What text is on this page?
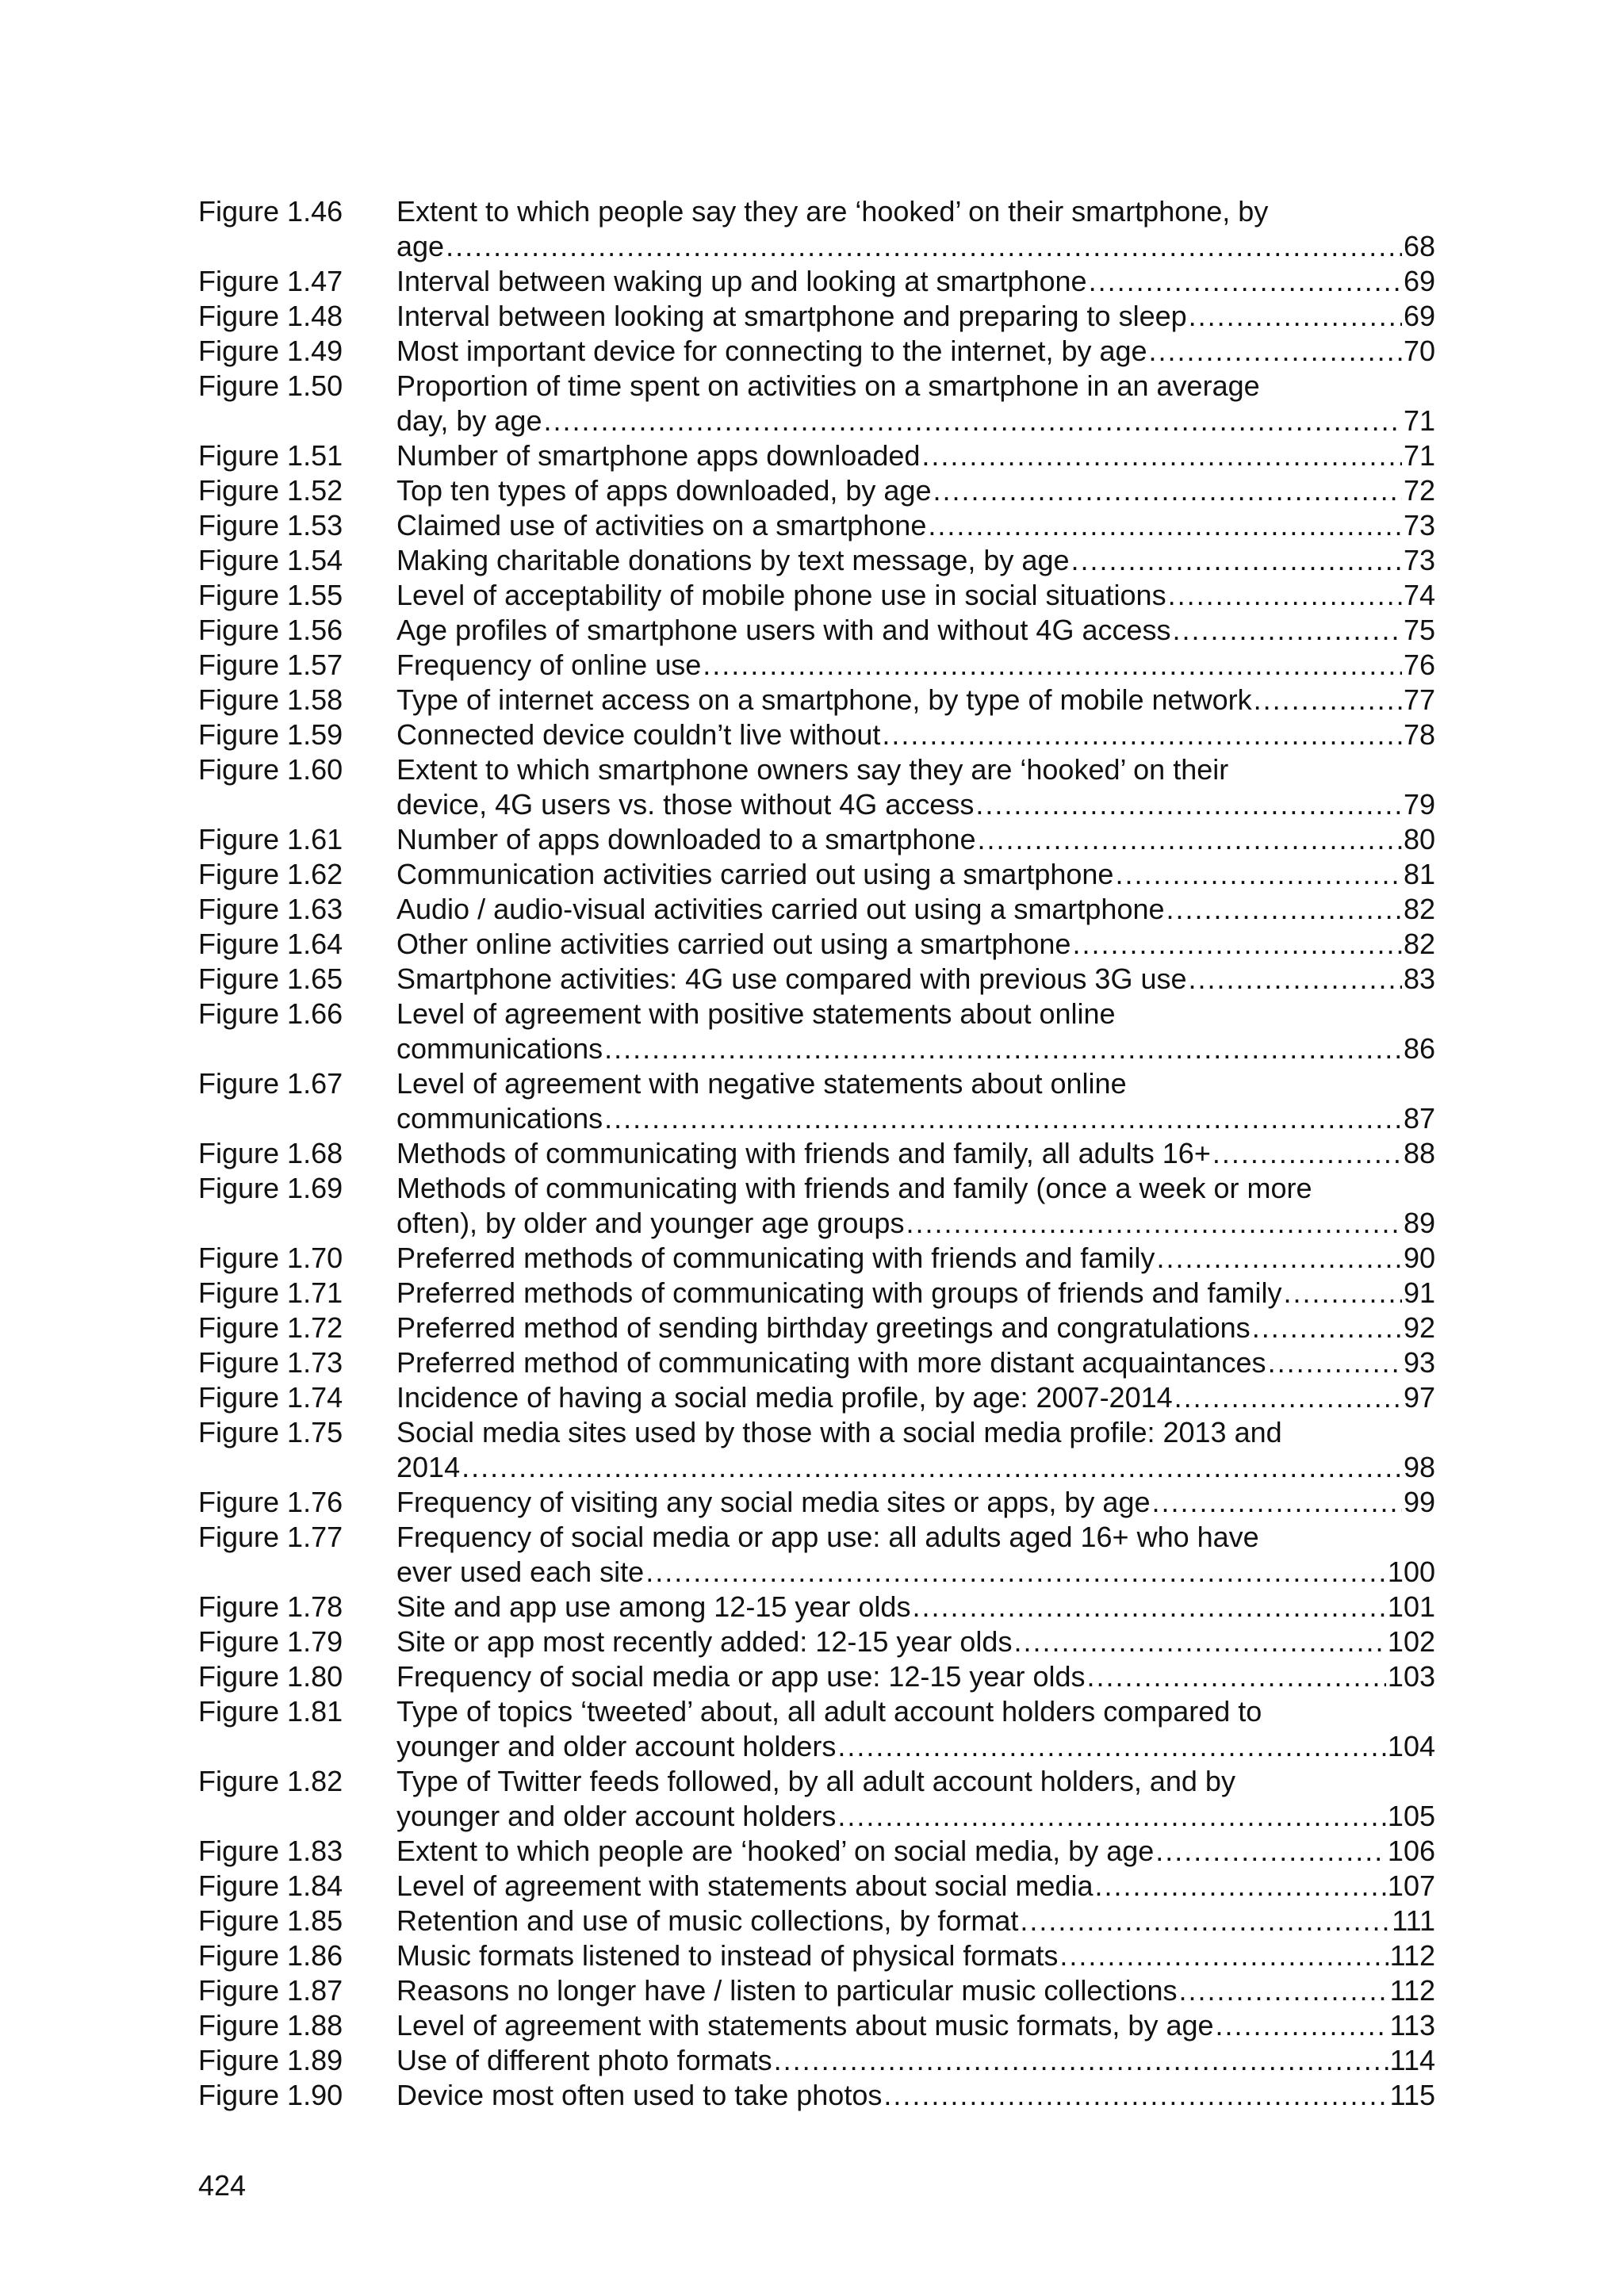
Figure 1.46	Extent to which people say they are ‘hooked’ on their smartphone, by
age .....	68
Figure 1.47	Interval between waking up and looking at smartphone .....	69
Figure 1.48	Interval between looking at smartphone and preparing to sleep .....	69
Figure 1.49	Most important device for connecting to the internet, by age .....	70
Figure 1.50	Proportion of time spent on activities on a smartphone in an average
day, by age .....	71
Figure 1.51	Number of smartphone apps downloaded .....	71
Figure 1.52	Top ten types of apps downloaded, by age .....	72
Figure 1.53	Claimed use of activities on a smartphone .....	73
Figure 1.54	Making charitable donations by text message, by age .....	73
Figure 1.55	Level of acceptability of mobile phone use in social situations .....	74
Figure 1.56	Age profiles of smartphone users with and without 4G access .....	75
Figure 1.57	Frequency of online use .....	76
Figure 1.58	Type of internet access on a smartphone, by type of mobile network .....	77
Figure 1.59	Connected device couldn’t live without .....	78
Figure 1.60	Extent to which smartphone owners say they are ‘hooked’ on their
device, 4G users vs. those without 4G access .....	79
Figure 1.61	Number of apps downloaded to a smartphone .....	80
Figure 1.62	Communication activities carried out using a smartphone .....	81
Figure 1.63	Audio / audio-visual activities carried out using a smartphone .....	82
Figure 1.64	Other online activities carried out using a smartphone .....	82
Figure 1.65	Smartphone activities: 4G use compared with previous 3G use .....	83
Figure 1.66	Level of agreement with positive statements about online
communications .....	86
Figure 1.67	Level of agreement with negative statements about online
communications .....	87
Figure 1.68	Methods of communicating with friends and family, all adults 16+ .....	88
Figure 1.69	Methods of communicating with friends and family (once a week or more
often), by older and younger age groups .....	89
Figure 1.70	Preferred methods of communicating with friends and family .....	90
Figure 1.71	Preferred methods of communicating with groups of friends and family .....	91
Figure 1.72	Preferred method of sending birthday greetings and congratulations .....	92
Figure 1.73	Preferred method of communicating with more distant acquaintances .....	93
Figure 1.74	Incidence of having a social media profile, by age: 2007-2014 .....	97
Figure 1.75	Social media sites used by those with a social media profile: 2013 and
2014 .....	98
Figure 1.76	Frequency of visiting any social media sites or apps, by age .....	99
Figure 1.77	Frequency of social media or app use: all adults aged 16+ who have
ever used each site .....	100
Figure 1.78	Site and app use among 12-15 year olds .....	101
Figure 1.79	Site or app most recently added: 12-15 year olds .....	102
Figure 1.80	Frequency of social media or app use: 12-15 year olds .....	103
Figure 1.81	Type of topics ‘tweeted’ about, all adult account holders compared to
younger and older account holders .....	104
Figure 1.82	Type of Twitter feeds followed, by all adult account holders, and by
younger and older account holders .....	105
Figure 1.83	Extent to which people are ‘hooked’ on social media, by age .....	106
Figure 1.84	Level of agreement with statements about social media .....	107
Figure 1.85	Retention and use of music collections, by format .....	111
Figure 1.86	Music formats listened to instead of physical formats .....	112
Figure 1.87	Reasons no longer have / listen to particular music collections .....	112
Figure 1.88	Level of agreement with statements about music formats, by age .....	113
Figure 1.89	Use of different photo formats .....	114
Figure 1.90	Device most often used to take photos .....	115
424
